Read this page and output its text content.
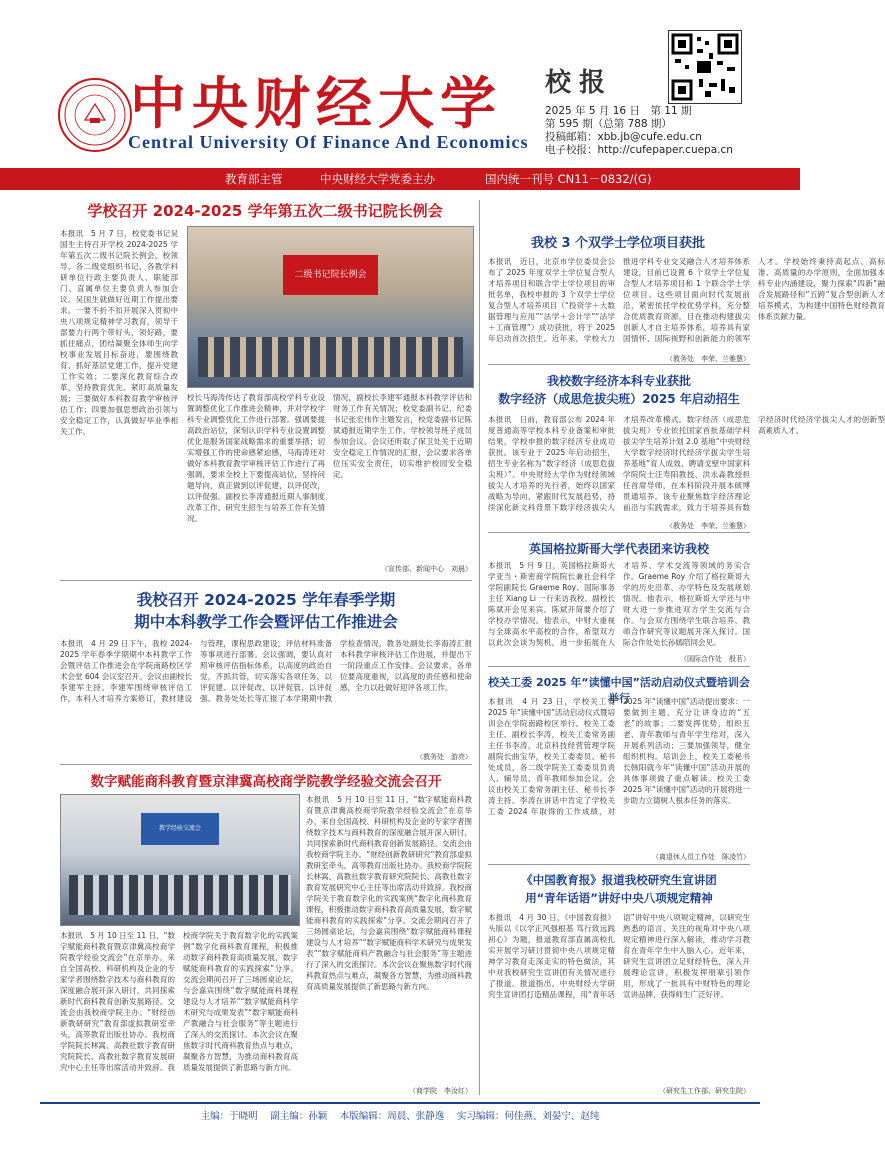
中央财经大学
Central University Of Finance And Economics
校报
2025 年 5 月 16 日　第 11 期
第 595 期（总第 788 期）
投稿邮箱：xbb.jb@cufe.edu.cn
电子校报：http://cufepaper.cuepa.cn
教育部主管	中央财经大学党委主办	国内统一刊号 CN11－0832/(G)
学校召开 2024-2025 学年第五次二级书记院长例会
本报讯　5 月 7 日，校党委书记吴国生主持召开学校 2024-2025 学年第五次二级书记院长例会，校领导、各二级党组织书记、各教学科研单位行政主要负责人、职能部门、直属单位主要负责人参加会议。吴国生就做好近期工作提出要求。一要不折不扣开展深入贯彻中央八项规定精神学习教育，领导干部要力行两个带好头，领好路，要抓住痛点，团结凝聚全体师生向学校事业发展目标奋进，要围绕教育、抓好基层党建工作，提升党建工作实效；二要深化教育综合改革，坚持教育优先、紧盯高质量发展；三要做好本科教育教学审核评估工作；四要加强思想政治引领与安全稳定工作，认真做好毕业季相关工作。
二级书记院长例会
校长马海涛传达了教育部高校学科专业设置调整优化工作推进会精神，并对学校学科专业调整优化工作进行部署。强调要提高政治站位，深刻认识学科专业设置调整优化是服务国家战略需求的重要举措；切实增强工作的使命感紧迫感，马海涛还对做好本科教育教学审核评估工作进行了再强调，要求全校上下要提高站位，坚持问题导向，真正做到以评促建，以评促改，以评促强。副校长李涛通报近期人事制度改革工作、研究生招生与培养工作有关情况。
情况，副校长李建军通报本科教学评估和财务工作有关情况；校党委副书记、纪委书记张宏伟作主题发言，校党委副书记陈斌通报近期学生工作。学校领导班子成员参加会议。会议还听取了保卫处关于近期安全稳定工作情况的汇报，会议要求各单位压实安全责任，切实维护校园安全稳定。
（宣传部、新闻中心　刘晨）
我校 3 个双学士学位项目获批
本报讯　近日，北京市学位委员会公布了 2025 年度双学士学位复合型人才培养项目和联合学士学位项目的审批名单，我校申报的 3 个双学士学位复合型人才培养项目（“投资学＋大数据管理与应用”“法学＋会计学”“法学＋工商管理”）成功获批，将于 2025 年启动首次招生。近年来，学校大力推进学科专业交叉融合人才培养体系建设，目前已设置 6 个双学士学位复合型人才培养项目和 1 个联合学士学位项目。这些项目面向时代发展前沿，紧密依托学校优势学科，充分整合优质教育资源，目在推动构建拔尖创新人才自主培养体系，培养具有家国情怀、国际视野和创新能力的领军人才。学校始终秉持高起点、高标准、高质量的办学原则，全面加强本科专业内涵建设，聚力探索“四新”融合发展路径和“五跨”复合型创新人才培养模式，为构建中国特色财经教育体系贡献力量。
（教务处　李荣、兰雅慧）
我校数字经济本科专业获批
数字经济（成思危拔尖班）2025 年启动招生
本报讯　日前，教育部公布 2024 年度普通高等学校本科专业备案和审批结果，学校申报的数字经济专业成功获批。该专业于 2025 年启动招生，招生专业名称为“数字经济（成思危拔尖班）”。中央财经大学作为财经领域拔尖人才培养的先行者，始终以国家战略为导向，紧跟时代发展趋势，持续深化新文科背景下数字经济拔尖人才培养改革模式。数字经济（成思危拔尖班）专业依托国家首批基础学科拔尖学生培养计划 2.0 基地“中央财经大学数字经济时代经济学拔尖学生培养基地”育人成效，聘请戈壁中国家科学院院士汪寿阳教授、洪永淼教授担任首席导师，在本科阶段开展本硕博贯通培养。该专业聚焦数字经济理论前沿与实践需求，致力于培养具有数字经济时代经济学拔尖人才的创新型高素质人才。
（教务处　李荣、兰雅慧）
英国格拉斯哥大学代表团来访我校
本报讯　5 月 9 日，英国格拉斯哥大学亚当・斯密商学院院长兼社会科学学院副院长 Graeme Roy、国际事务主任 Xiang Li 一行来访我校。副校长陈斌开会见来宾。陈斌开简要介绍了学校办学情况。他表示，中财大重视与全球高水平高校的合作，希望双方以此次会谈为契机，进一步拓展在人才培养、学术交流等领域的务实合作。Graeme Roy 介绍了格拉斯哥大学的历史沿革、办学特色及发展规划情况。他表示，格拉斯哥大学还与中财大进一步推进双方学生交流与合作。与会双方围绕学生联合培养、教师合作研究等议题展开深入探讨。国际合作处处长孙嫣陪同会见。
（国际合作处　殷茗）
校关工委 2025 年“读懂中国”活动启动仪式暨培训会举行
本报讯　4 月 23 日，学校关工委 2025 年“读懂中国”活动启动仪式暨培训会在学院南路校区举行。校关工委主任、副校长李涛，校关工委常务副主任书李涛，北京科技经营管理学院副院长曲宝华，校关工委委员、秘书处成员，各二级学院关工委委员负责人、辅导员、青年教师参加会议。会议由校关工委常务副主任、秘书长李涛主持。李涛在讲话中肯定了学校关工委 2024 年取得的工作成绩，对 2025 年“读懂中国”活动提出要求：一要做到主题，充分让讲身边的“五老”的故事；二要发挥优势，组织五老、青年教师与青年学生结对，深入开展系列活动；三要加强领导，健全组织机构。培训会上，校关工委秘书长韩阳就今年“读懂中国”活动开展的具体事项做了重点解读。校关工委 2025 年“读懂中国”活动的开展将进一步助力立德树人根本任务的落实。
（离退休人员工作处　陈凌竹）
《中国教育报》报道我校研究生宣讲团
用“青年话语”讲好中央八项规定精神
本报讯　4 月 30 日，《中国教育报》头版以《以学正风强根基 笃行致远践初心》为题，报道教育部直属高校扎实开展学习研讨贯彻中央八项规定精神学习教育走深走实的特色做法，其中对我校研究生宣讲团有关情况进行了报道。报道指出，中央财经大学研究生宣讲团打造精品课程，用“青年话语”讲好中央八项规定精神，以研究生熟悉的语言、关注的视角对中央八项规定精神进行深入解读，推动学习教育在青年学生中入脑入心。近年来，研究生宣讲团立足财经特色，深入开展理论宣讲，积极发挥朋辈引领作用，形成了一批具有中财特色的理论宣讲品牌，获得师生广泛好评。
（研究生工作部、研究生院）
我校召开 2024-2025 学年春季学期
期中本科教学工作会暨评估工作推进会
本报讯　4 月 29 日下午，我校 2024-2025 学年春季学期期中本科教学工作会暨评估工作推进会在学院南路校区学术会堂 604 会议室召开。会议由副校长李建军主持。李建军围绕审核评估工作，本科人才培养方案修订，教材建设与管理，课程思政建设，评估材料准备等事项进行部署。会议强调，要认真对照审核评估指标体系，以高度的政治自觉，齐抓共管，切实落实各项任务，以评促建、以评促改、以评促管、以评促强。教务处处长等汇报了本学期期中教学检查情况，教务处副处长李海涛汇报本科教学审核评估工作进展，并提出下一阶段重点工作安排。会议要求，各单位要高度重视，以高度的责任感和使命感，全力以赴做好迎评各项工作。
（教务处　游亮）
数字赋能商科教育暨京津冀高校商学院教学经验交流会召开
教学经验交流会
本报讯　5 月 10 日至 11 日，“数字赋能商科教育暨京津冀高校商学院教学经验交流会”在京举办。来自全国高校、科研机构及企业的专家学者围绕数字技术与商科教育的深度融合展开深入研讨，共同探索新时代商科教育创新发展路径。交流会由我校商学院主办。“财经创新教研研究”教育部虚拟教研室牵头，高等教育出版社协办。我校商学院院长林嵩、高教社数字教育研究院院长、高教社数字教育发展研究中心主任等出席活动并致辞。我校商学院关于教育数字化的实践案例“数字化商科教育课程，积极推动数字商科教育高质量发展，数字赋能商科教育的实践探索”分享。交流会期间召开了三场圆桌论坛，与会嘉宾围绕“数字赋能商科课程建设与人才培养”“数字赋能商科学术研究与成果发表”“数字赋能商科产教融合与社会服务”等主题进行了深入的交流探讨。本次会议在聚焦数字时代商科教育热点与难点，凝聚各方智慧，为推动商科教育高质量发展提供了新思路与新方向。
本报讯　5 月 10 日至 11 日，“数字赋能商科教育暨京津冀高校商学院教学经验交流会”在京举办。来自全国高校、科研机构及企业的专家学者围绕数字技术与商科教育的深度融合展开深入研讨，共同探索新时代商科教育创新发展路径。交流会由我校商学院主办。“财经创新教研研究”教育部虚拟教研室牵头，高等教育出版社协办。我校商学院院长林嵩、高教社数字教育研究院院长、高教社数字教育发展研究中心主任等出席活动并致辞。我校商学院关于教育数字化的实践案例“数字化商科教育课程，积极推动数字商科教育高质量发展，数字赋能商科教育的实践探索”分享。交流会期间召开了三场圆桌论坛，与会嘉宾围绕“数字赋能商科课程建设与人才培养”“数字赋能商科学术研究与成果发表”“数字赋能商科产教融合与社会服务”等主题进行了深入的交流探讨。本次会议在聚焦数字时代商科教育热点与难点，凝聚各方智慧，为推动商科教育高质量发展提供了新思路与新方向。
（商学院　李汝红）
主编：于晓明　 副主编：孙颖　 本版编辑：周晨、张静逸　 实习编辑：何佳燕、刘晏宁、赵纯
